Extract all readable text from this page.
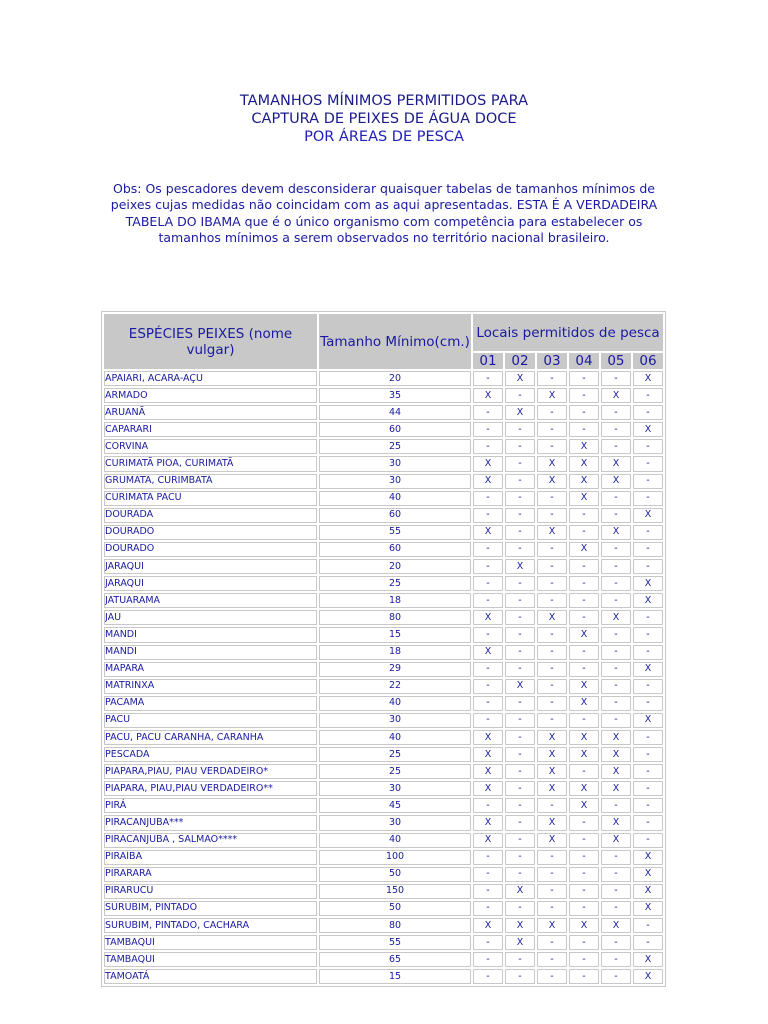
TAMANHOS MÍNIMOS PERMITIDOS PARA
CAPTURA DE PEIXES DE ÁGUA DOCE
POR ÁREAS DE PESCA
Obs: Os pescadores devem desconsiderar quaisquer tabelas de tamanhos mínimos de peixes cujas medidas não coincidam com as aqui apresentadas. ESTA É A VERDADEIRA TABELA DO IBAMA que é o único organismo com competência para estabelecer os tamanhos mínimos a serem observados no território nacional brasileiro.
ESPÉCIES PEIXES (nome vulgar)	Tamanho Mínimo(cm.)	Locais permitidos de pesca					
		01	02	03	04	05	06
APAIARI, ACARA-AÇU	20	-	X	-	-	-	X
ARMADO	35	X	-	X	-	X	-
ARUANÃ	44	-	X	-	-	-	-
CAPARARI	60	-	-	-	-	-	X
CORVINA	25	-	-	-	X	-	-
CURIMATÃ PIOA, CURIMATÃ	30	X	-	X	X	X	-
GRUMATÃ, CURIMBATÁ	30	X	-	X	X	X	-
CURIMATÃ PACU	40	-	-	-	X	-	-
DOURADA	60	-	-	-	-	-	X
DOURADO	55	X	-	X	-	X	-
DOURADO	60	-	-	-	X	-	-
JARAQUI	20	-	X	-	-	-	-
JARAQUI	25	-	-	-	-	-	X
JATUARAMA	18	-	-	-	-	-	X
JAU	80	X	-	X	-	X	-
MANDI	15	-	-	-	X	-	-
MANDI	18	X	-	-	-	-	-
MAPARÁ	29	-	-	-	-	-	X
MATRINXÃ	22	-	X	-	X	-	-
PACAMÃ	40	-	-	-	X	-	-
PACU	30	-	-	-	-	-	X
PACU, PACU CARANHA, CARANHA	40	X	-	X	X	X	-
PESCADA	25	X	-	X	X	X	-
PIAPARA,PIAU, PIAU VERDADEIRO*	25	X	-	X	-	X	-
PIAPARA, PIAU,PIAU VERDADEIRO**	30	X	-	X	X	X	-
PIRÁ	45	-	-	-	X	-	-
PIRACANJUBA***	30	X	-	X	-	X	-
PIRACANJUBA , SALMÃO****	40	X	-	X	-	X	-
PIRAÍBA	100	-	-	-	-	-	X
PIRARARA	50	-	-	-	-	-	X
PIRARUCU	150	-	X	-	-	-	X
SURUBIM, PINTADO	50	-	-	-	-	-	X
SURUBIM, PINTADO, CACHARA	80	X	X	X	X	X	-
TAMBAQUI	55	-	X	-	-	-	-
TAMBAQUI	65	-	-	-	-	-	X
TAMOATÁ	15	-	-	-	-	-	X
